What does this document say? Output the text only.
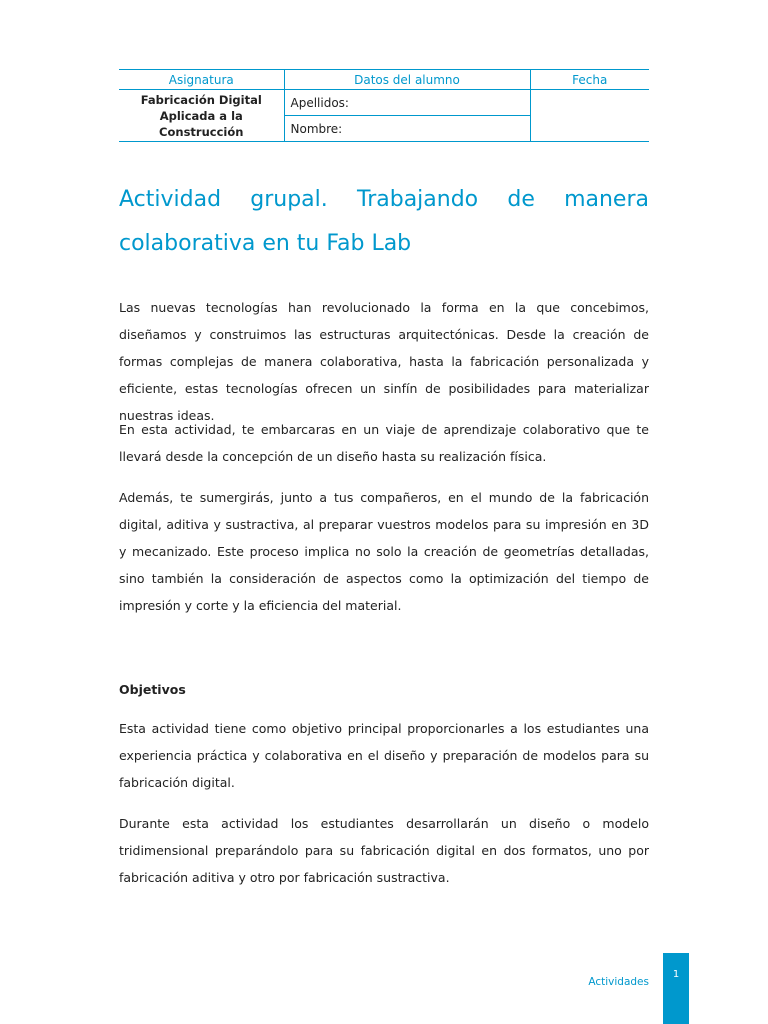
Asignatura	Datos del alumno	Fecha
Fabricación Digital
Aplicada a la
Construcción	Apellidos:	
	Nombre:	
Actividad grupal. Trabajando de manera colaborativa en tu Fab Lab

Las nuevas tecnologías han revolucionado la forma en la que concebimos, diseñamos y construimos las estructuras arquitectónicas. Desde la creación de formas complejas de manera colaborativa, hasta la fabricación personalizada y eficiente, estas tecnologías ofrecen un sinfín de posibilidades para materializar nuestras ideas.

En esta actividad, te embarcaras en un viaje de aprendizaje colaborativo que te llevará desde la concepción de un diseño hasta su realización física.

Además, te sumergirás, junto a tus compañeros, en el mundo de la fabricación digital, aditiva y sustractiva, al preparar vuestros modelos para su impresión en 3D y mecanizado. Este proceso implica no solo la creación de geometrías detalladas, sino también la consideración de aspectos como la optimización del tiempo de impresión y corte y la eficiencia del material.

Objetivos

Esta actividad tiene como objetivo principal proporcionarles a los estudiantes una experiencia práctica y colaborativa en el diseño y preparación de modelos para su fabricación digital.

Durante esta actividad los estudiantes desarrollarán un diseño o modelo tridimensional preparándolo para su fabricación digital en dos formatos, uno por fabricación aditiva y otro por fabricación sustractiva.

Actividades
1
